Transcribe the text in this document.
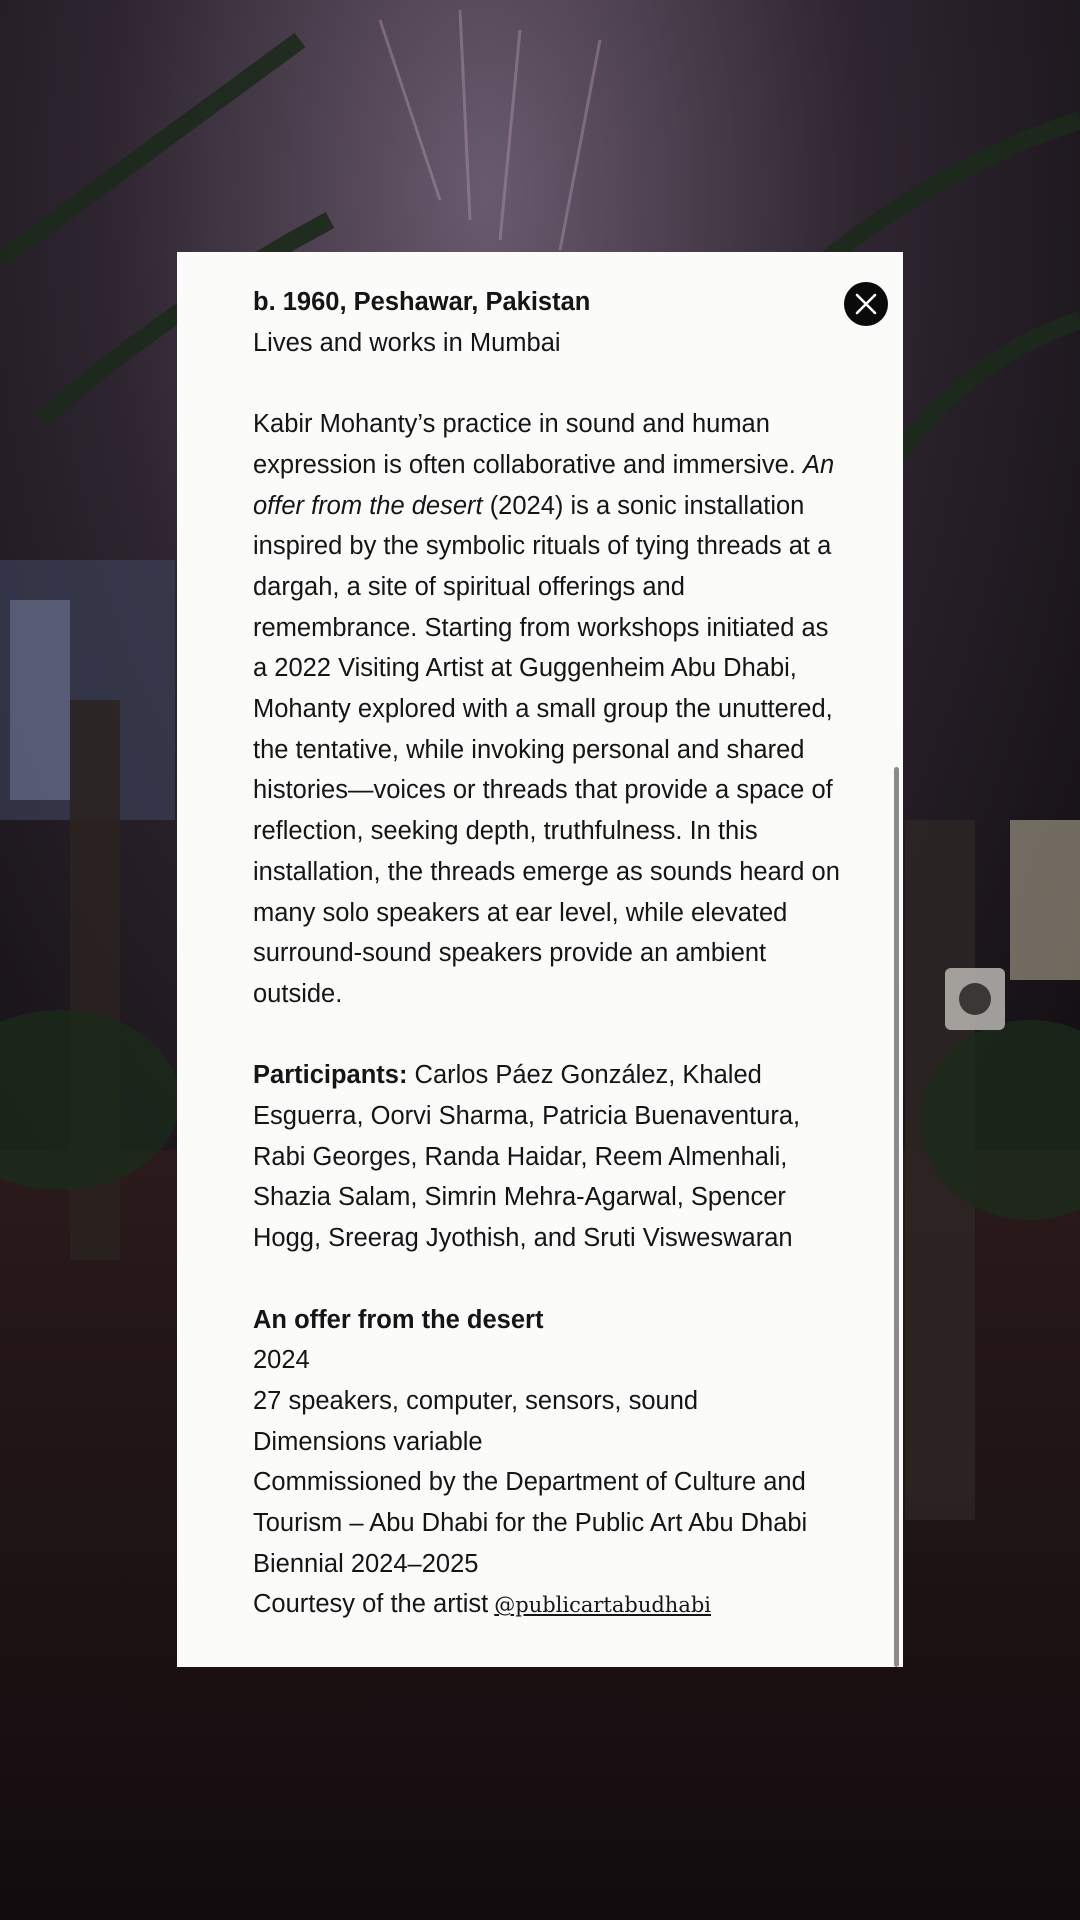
b. 1960, Peshawar, Pakistan

Lives and works in Mumbai

Kabir Mohanty’s practice in sound and human expression is often collaborative and immersive. An offer from the desert (2024) is a sonic installation inspired by the symbolic rituals of tying threads at a dargah, a site of spiritual offerings and remembrance. Starting from workshops initiated as a 2022 Visiting Artist at Guggenheim Abu Dhabi, Mohanty explored with a small group the unuttered, the tentative, while invoking personal and shared histories—voices or threads that provide a space of reflection, seeking depth, truthfulness. In this installation, the threads emerge as sounds heard on many solo speakers at ear level, while elevated surround-sound speakers provide an ambient outside.

Participants: Carlos Páez González, Khaled Esguerra, Oorvi Sharma, Patricia Buenaventura, Rabi Georges, Randa Haidar, Reem Almenhali, Shazia Salam, Simrin Mehra-Agarwal, Spencer Hogg, Sreerag Jyothish, and Sruti Visweswaran

An offer from the desert

2024

27 speakers, computer, sensors, sound

Dimensions variable

Commissioned by the Department of Culture and Tourism – Abu Dhabi for the Public Art Abu Dhabi Biennial 2024–2025

Courtesy of the artist @publicartabudhabi
